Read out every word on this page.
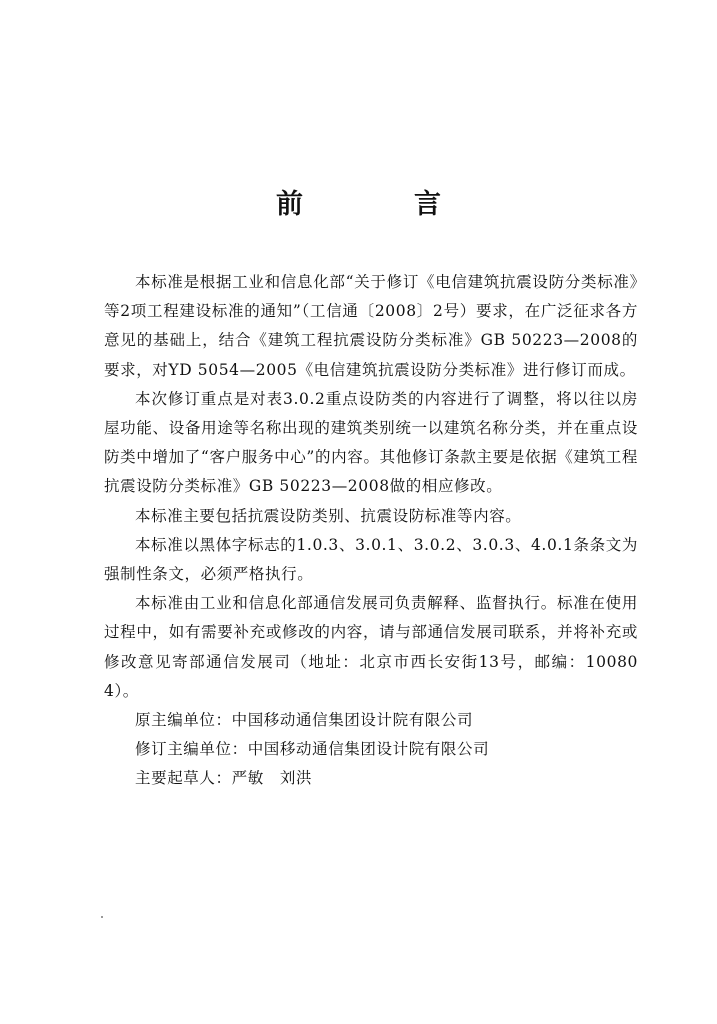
前　言

本标准是根据工业和信息化部“关于修订《电信建筑抗震设防分类标准》等2项工程建设标准的通知”（工信通〔2008〕2号）要求，在广泛征求各方意见的基础上，结合《建筑工程抗震设防分类标准》GB 50223—2008的要求，对YD 5054—2005《电信建筑抗震设防分类标准》进行修订而成。

本次修订重点是对表3.0.2重点设防类的内容进行了调整，将以往以房屋功能、设备用途等名称出现的建筑类别统一以建筑名称分类，并在重点设防类中增加了“客户服务中心”的内容。其他修订条款主要是依据《建筑工程抗震设防分类标准》GB 50223—2008做的相应修改。

本标准主要包括抗震设防类别、抗震设防标准等内容。

本标准以黑体字标志的1.0.3、3.0.1、3.0.2、3.0.3、4.0.1条条文为强制性条文，必须严格执行。

本标准由工业和信息化部通信发展司负责解释、监督执行。标准在使用过程中，如有需要补充或修改的内容，请与部通信发展司联系，并将补充或修改意见寄部通信发展司（地址：北京市西长安街13号，邮编：100804）。

原主编单位：中国移动通信集团设计院有限公司

修订主编单位：中国移动通信集团设计院有限公司

主要起草人：严敏　刘洪
